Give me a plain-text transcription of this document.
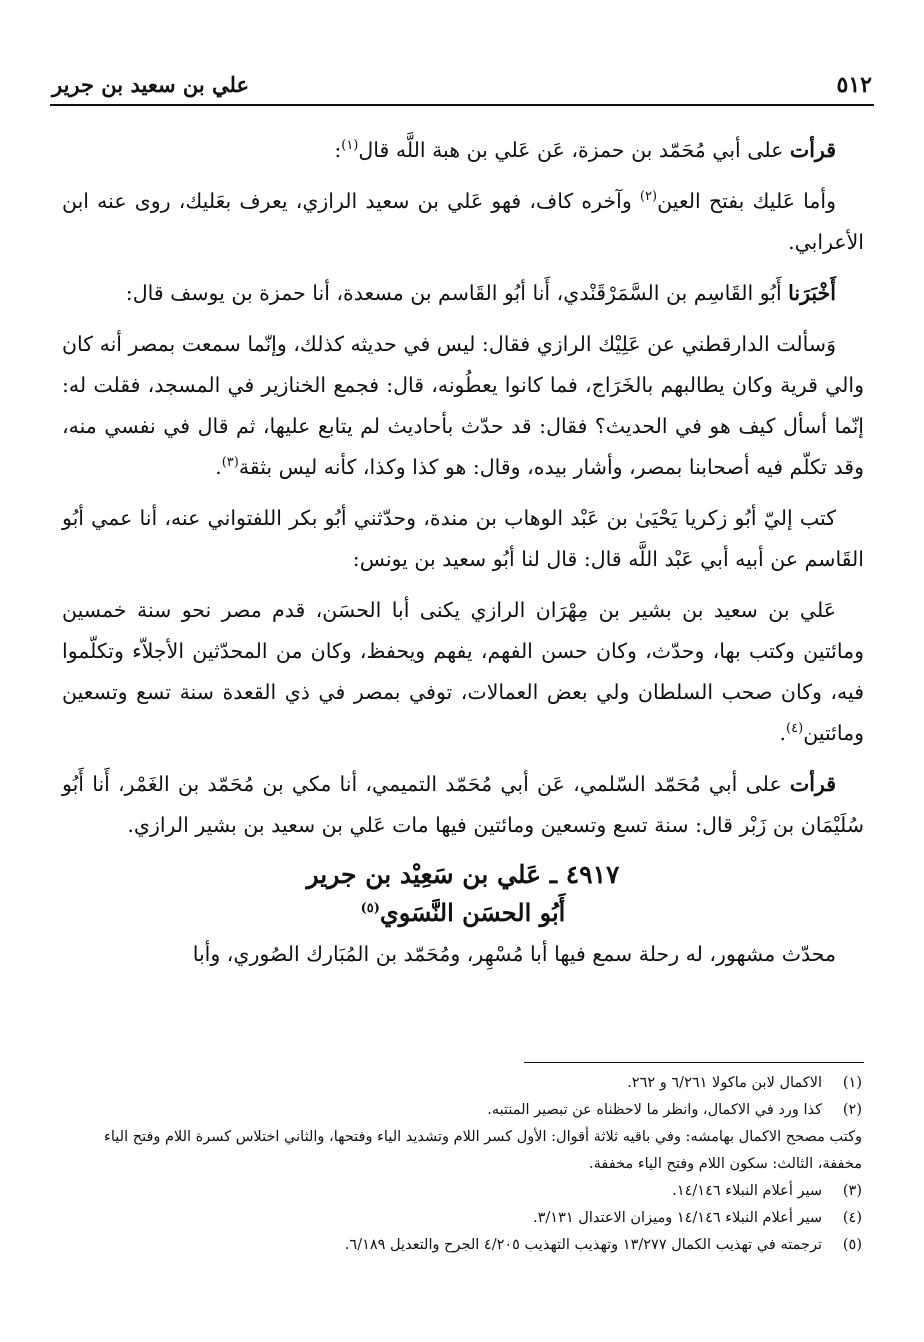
٥١٢
علي بن سعيد بن جرير

قرأت على أبي مُحَمّد بن حمزة، عَن عَلي بن هبة اللَّه قال$^{(١)}$:

وأما عَليك بفتح العين$^{(٢)}$ وآخره كاف، فهو عَلي بن سعيد الرازي، يعرف بعَليك، روى عنه ابن الأعرابي.

أَخْبَرَنا أَبُو القَاسِم بن السَّمَرْقَنْدي، أَنا أبُو القَاسم بن مسعدة، أنا حمزة بن يوسف قال:

وَسألت الدارقطني عن عَلِيْك الرازي فقال: ليس في حديثه كذلك، وإنّما سمعت بمصر أنه كان والي قرية وكان يطالبهم بالخَرَاج، فما كانوا يعطُونه، قال: فجمع الخنازير في المسجد، فقلت له: إنّما أسأل كيف هو في الحديث؟ فقال: قد حدّث بأحاديث لم يتابع عليها، ثم قال في نفسي منه، وقد تكلّم فيه أصحابنا بمصر، وأشار بيده، وقال: هو كذا وكذا، كأنه ليس بثقة$^{(٣)}$.

كتب إليّ أبُو زكريا يَحْيَىٰ بن عَبْد الوهاب بن مندة، وحدّثني أبُو بكر اللفتواني عنه، أنا عمي أبُو القَاسم عن أبيه أبي عَبْد اللَّه قال: قال لنا أبُو سعيد بن يونس:

عَلي بن سعيد بن بشير بن مِهْرَان الرازي يكنى أبا الحسَن، قدم مصر نحو سنة خمسين ومائتين وكتب بها، وحدّث، وكان حسن الفهم، يفهم ويحفظ، وكان من المحدّثين الأجلاّء وتكلّموا فيه، وكان صحب السلطان ولي بعض العمالات، توفي بمصر في ذي القعدة سنة تسع وتسعين ومائتين$^{(٤)}$.

قرأت على أبي مُحَمّد السّلمي، عَن أبي مُحَمّد التميمي، أنا مكي بن مُحَمّد بن الغَمْر، أَنا أَبُو سُلَيْمَان بن زَبْر قال: سنة تسع وتسعين ومائتين فيها مات عَلي بن سعيد بن بشير الرازي.

٤٩١٧ ـ عَلي بن سَعِيْد بن جرير
أَبُو الحسَن النَّسَوي$^{(٥)}$

محدّث مشهور، له رحلة سمع فيها أبا مُسْهِر، ومُحَمّد بن المُبَارك الصُوري، وأبا

(١)
الاكمال لابن ماكولا ٦/٢٦١ و ٢٦٢.

(٢)
كذا ورد في الاكمال، وانظر ما لاحظناه عن تبصير المنتبه.

وكتب مصحح الاكمال بهامشه: وفي باقيه ثلاثة أقوال: الأول كسر اللام وتشديد الياء وفتحها، والثاني اختلاس كسرة اللام وفتح الياء مخففة، الثالث: سكون اللام وفتح الياء مخففة.

(٣)
سير أعلام النبلاء ١٤/١٤٦.

(٤)
سير أعلام النبلاء ١٤/١٤٦ وميزان الاعتدال ٣/١٣١.

(٥)
ترجمته في تهذيب الكمال ١٣/٢٧٧ وتهذيب التهذيب ٤/٢٠٥ الجرح والتعديل ٦/١٨٩.
